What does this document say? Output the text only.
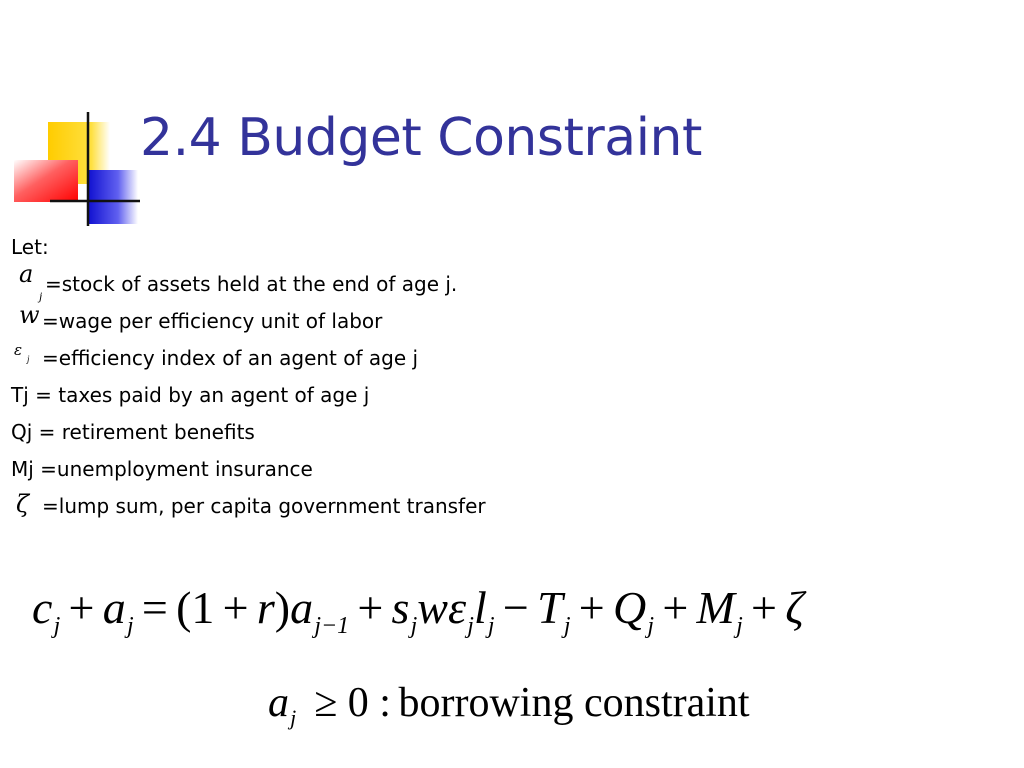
2.4 Budget Constraint
Let:
a
j =stock of assets held at the end of age j.
w =wage per efficiency unit of labor
ε j =efficiency index of an agent of age j
Tj = taxes paid by an agent of age j
Qj = retirement benefits
Mj =unemployment insurance
ζ =lump sum, per capita government transfer
$c_j + a_j = (1 + r)a_{j-1} + s_jw\varepsilon_jl_j - T_j + Q_j + M_j + \zeta$
$a_j \ge 0$ : borrowing constraint
